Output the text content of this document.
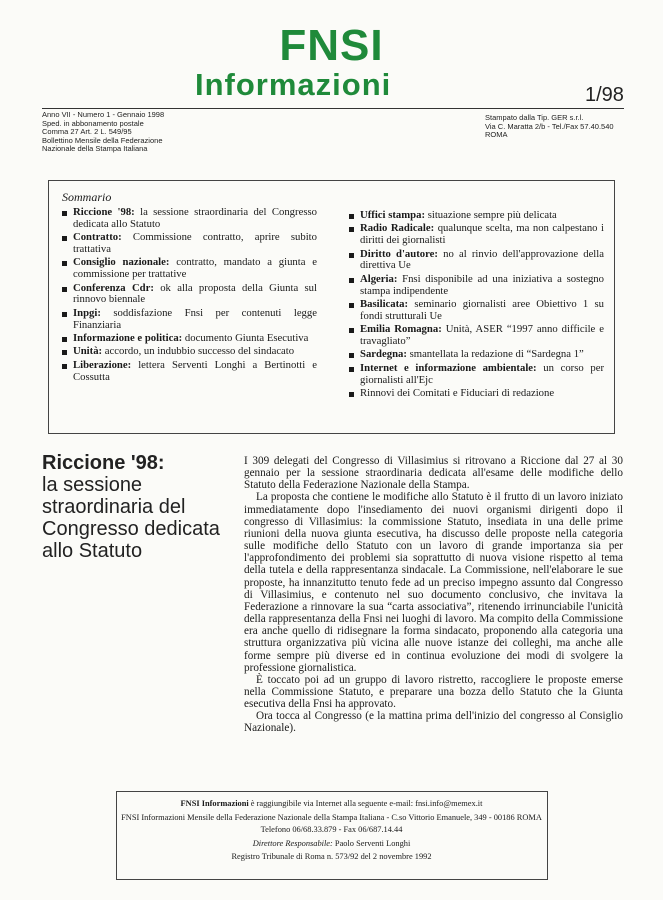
FNSI
Informazioni	1/98
Anno VII - Numero 1 - Gennaio 1998
Sped. in abbonamento postale
Comma 27 Art. 2 L. 549/95
Bollettino Mensile della Federazione
Nazionale della Stampa Italiana
Stampato dalla Tip. GER s.r.l.
Via C. Maratta 2/b - Tel./Fax 57.40.540
ROMA
Sommario
Riccione '98: la sessione straordinaria del Congresso dedicata allo Statuto
Contratto: Commissione contratto, aprire subito trattativa
Consiglio nazionale: contratto, mandato a giunta e commissione per trattative
Conferenza Cdr: ok alla proposta della Giunta sul rinnovo biennale
Inpgi: soddisfazione Fnsi per contenuti legge Finanziaria
Informazione e politica: documento Giunta Esecutiva
Unità: accordo, un indubbio successo del sindacato
Liberazione: lettera Serventi Longhi a Bertinotti e Cossutta
Uffici stampa: situazione sempre più delicata
Radio Radicale: qualunque scelta, ma non calpestano i diritti dei giornalisti
Diritto d'autore: no al rinvio dell'approvazione della direttiva Ue
Algeria: Fnsi disponibile ad una iniziativa a sostegno stampa indipendente
Basilicata: seminario giornalisti aree Obiettivo 1 su fondi strutturali Ue
Emilia Romagna: Unità, ASER “1997 anno difficile e travagliato”
Sardegna: smantellata la redazione di “Sardegna 1”
Internet e informazione ambientale: un corso per giornalisti all'Ejc
Rinnovi dei Comitati e Fiduciari di redazione
Riccione '98:
la sessione straordinaria del Congresso dedicata allo Statuto

I 309 delegati del Congresso di Villasimius si ritrovano a Riccione dal 27 al 30 gennaio per la sessione straordinaria dedicata all'esame delle modifiche dello Statuto della Federazione Nazionale della Stampa.

La proposta che contiene le modifiche allo Statuto è il frutto di un lavoro iniziato immediatamente dopo l'insediamento dei nuovi organismi dirigenti dopo il congresso di Villasimius: la commissione Statuto, insediata in una delle prime riunioni della nuova giunta esecutiva, ha discusso delle proposte nella categoria sulle modifiche dello Statuto con un lavoro di grande importanza sia per l'approfondimento dei problemi sia soprattutto di nuova visione rispetto al tema della tutela e della rappresentanza sindacale. La Commissione, nell'elaborare le sue proposte, ha innanzitutto tenuto fede ad un preciso impegno assunto dal Congresso di Villasimius, e contenuto nel suo documento conclusivo, che invitava la Federazione a rinnovare la sua “carta associativa”, ritenendo irrinunciabile l'unicità della rappresentanza della Fnsi nei luoghi di lavoro. Ma compito della Commissione era anche quello di ridisegnare la forma sindacato, proponendo alla categoria una struttura organizzativa più vicina alle nuove istanze dei colleghi, ma anche alle forme sempre più diverse ed in continua evoluzione dei modi di svolgere la professione giornalistica.

È toccato poi ad un gruppo di lavoro ristretto, raccogliere le proposte emerse nella Commissione Statuto, e preparare una bozza dello Statuto che la Giunta esecutiva della Fnsi ha approvato.

Ora tocca al Congresso (e la mattina prima dell'inizio del congresso al Consiglio Nazionale).

FNSI Informazioni è raggiungibile via Internet alla seguente e-mail: fnsi.info@memex.it
FNSI Informazioni Mensile della Federazione Nazionale della Stampa Italiana - C.so Vittorio Emanuele, 349 - 00186 ROMA
Telefono 06/68.33.879 - Fax 06/687.14.44
Direttore Responsabile: Paolo Serventi Longhi
Registro Tribunale di Roma n. 573/92 del 2 novembre 1992
